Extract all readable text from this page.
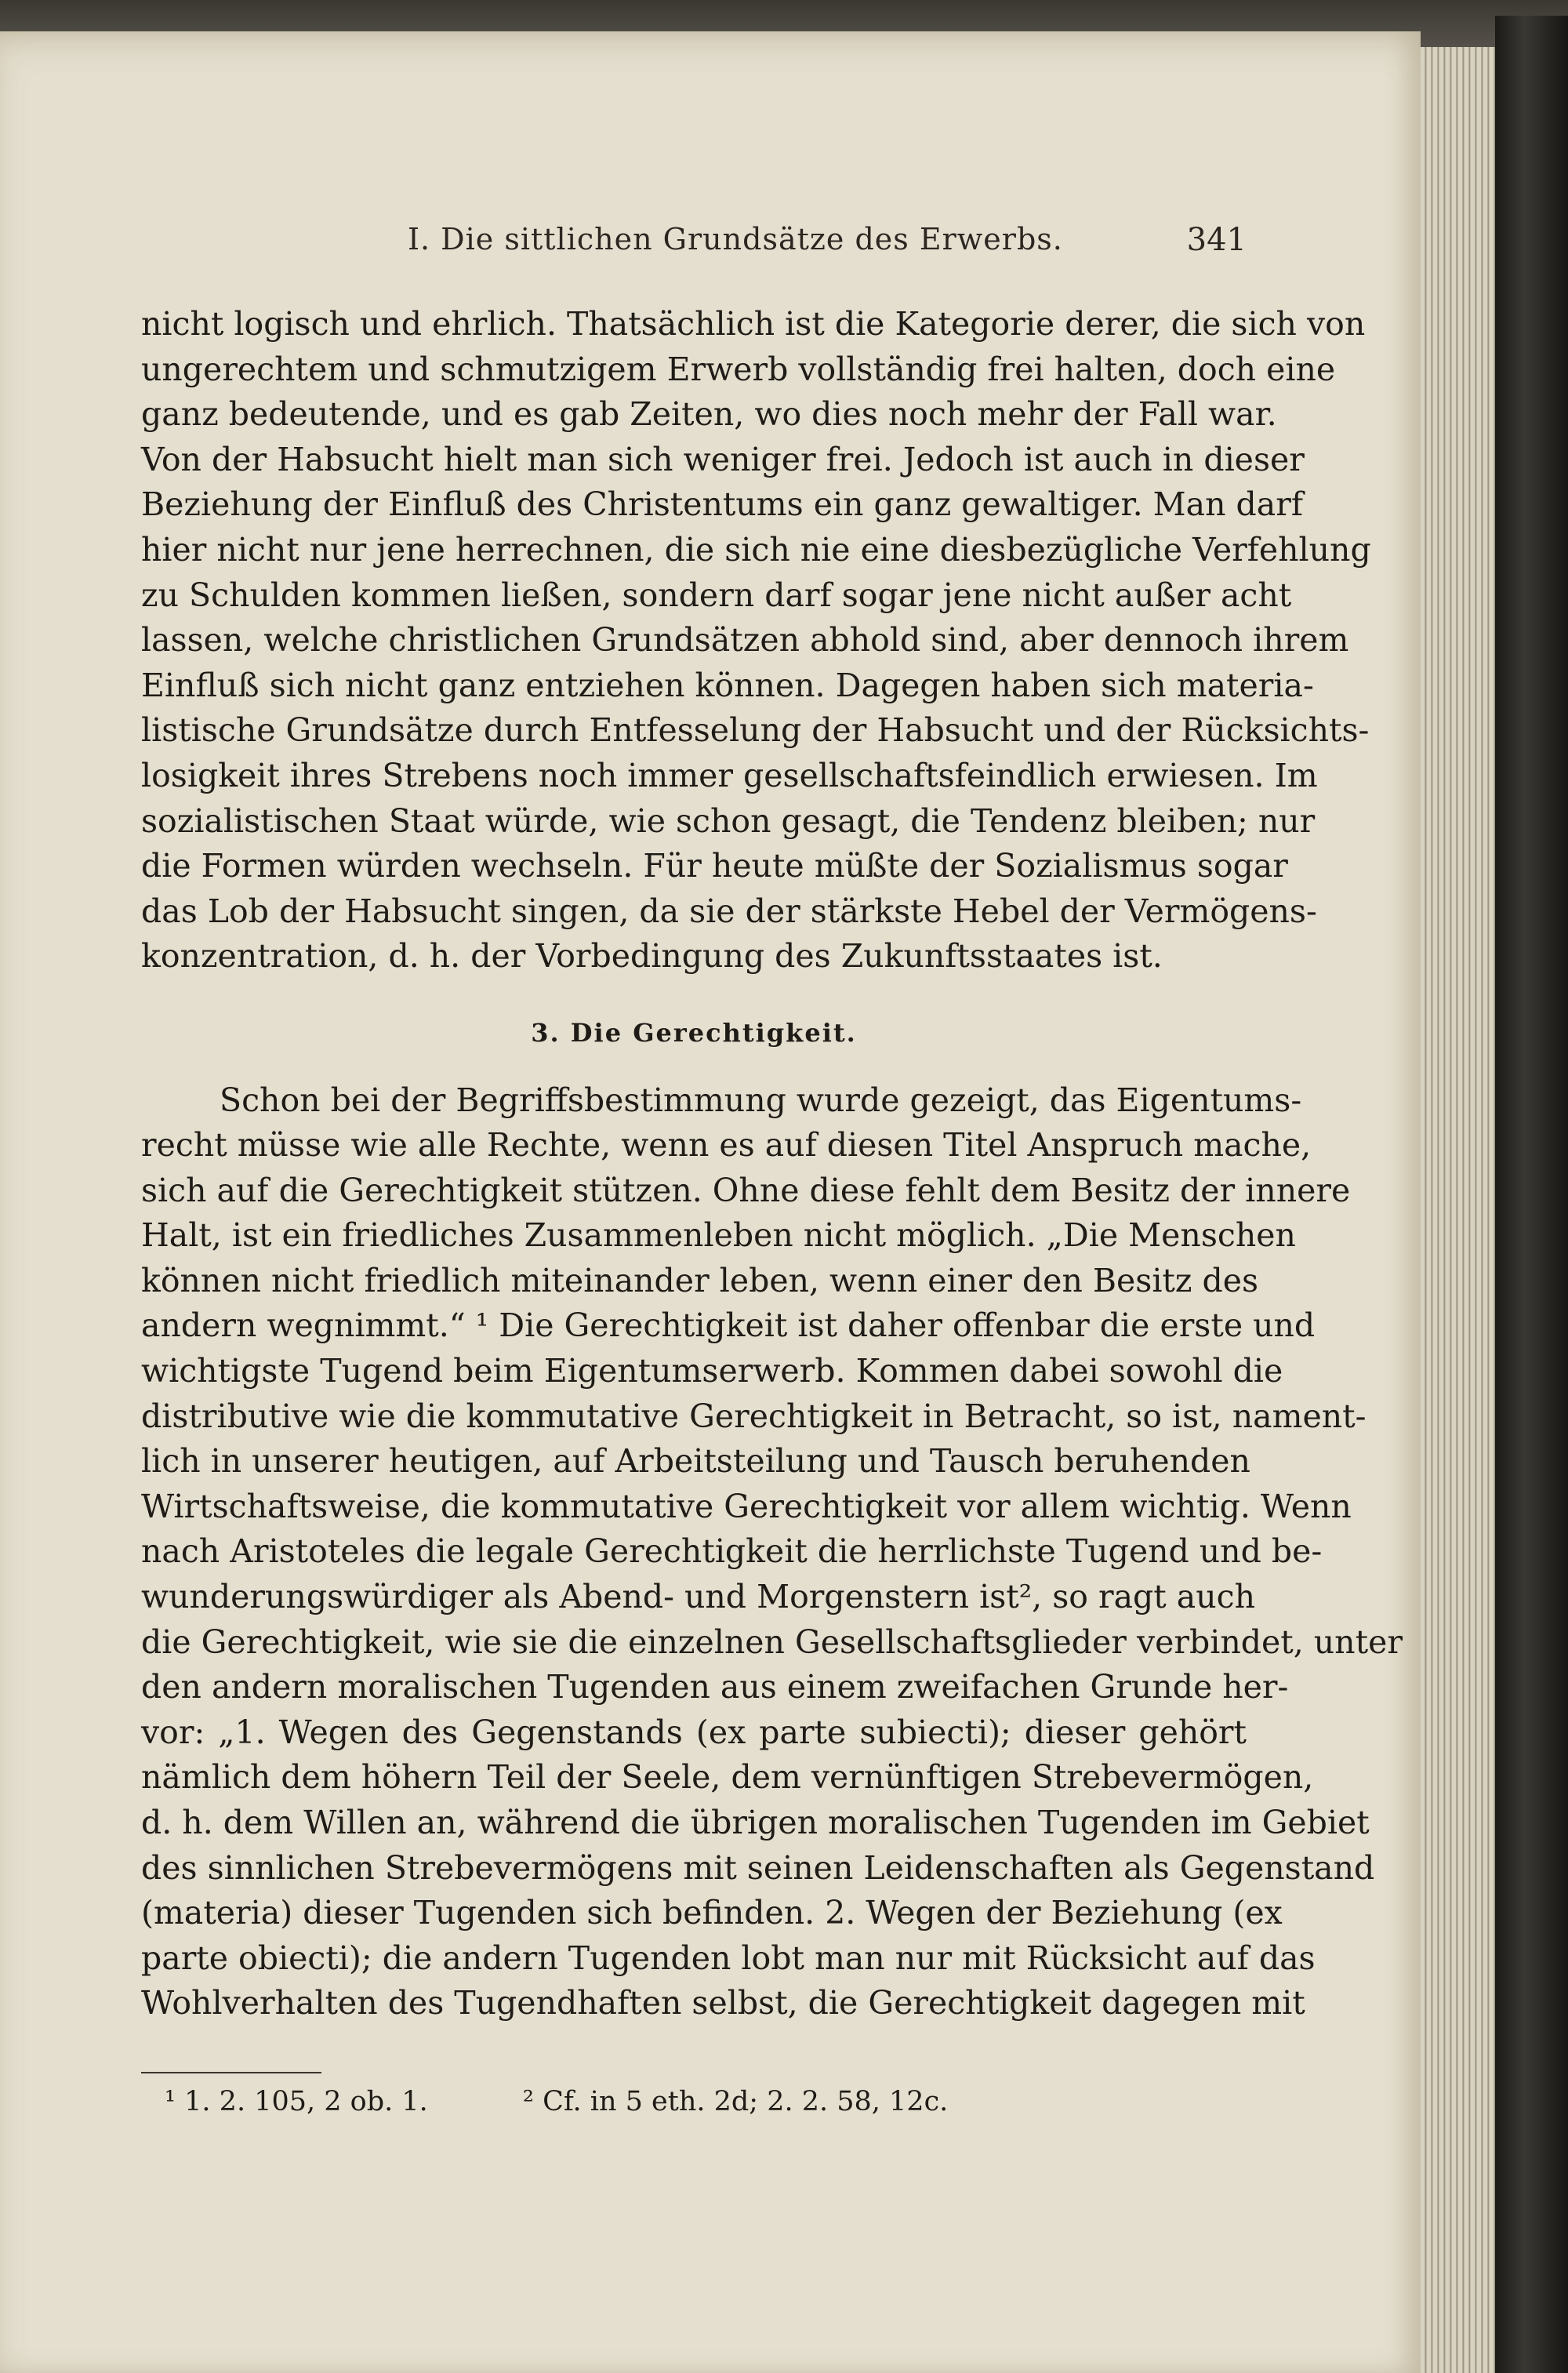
I. Die sittlichen Grundsätze des Erwerbs.	341
nicht logisch und ehrlich. Thatsächlich ist die Kategorie derer, die sich von
ungerechtem und schmutzigem Erwerb vollständig frei halten, doch eine
ganz bedeutende, und es gab Zeiten, wo dies noch mehr der Fall war.
Von der Habsucht hielt man sich weniger frei. Jedoch ist auch in dieser
Beziehung der Einfluß des Christentums ein ganz gewaltiger. Man darf
hier nicht nur jene herrechnen, die sich nie eine diesbezügliche Verfehlung
zu Schulden kommen ließen, sondern darf sogar jene nicht außer acht
lassen, welche christlichen Grundsätzen abhold sind, aber dennoch ihrem
Einfluß sich nicht ganz entziehen können. Dagegen haben sich materia-
listische Grundsätze durch Entfesselung der Habsucht und der Rücksichts-
losigkeit ihres Strebens noch immer gesellschaftsfeindlich erwiesen. Im
sozialistischen Staat würde, wie schon gesagt, die Tendenz bleiben; nur
die Formen würden wechseln. Für heute müßte der Sozialismus sogar
das Lob der Habsucht singen, da sie der stärkste Hebel der Vermögens-
konzentration, d. h. der Vorbedingung des Zukunftsstaates ist.
3. Die Gerechtigkeit.
Schon bei der Begriffsbestimmung wurde gezeigt, das Eigentums-
recht müsse wie alle Rechte, wenn es auf diesen Titel Anspruch mache,
sich auf die Gerechtigkeit stützen. Ohne diese fehlt dem Besitz der innere
Halt, ist ein friedliches Zusammenleben nicht möglich. „Die Menschen
können nicht friedlich miteinander leben, wenn einer den Besitz des
andern wegnimmt.“ ¹ Die Gerechtigkeit ist daher offenbar die erste und
wichtigste Tugend beim Eigentumserwerb. Kommen dabei sowohl die
distributive wie die kommutative Gerechtigkeit in Betracht, so ist, nament-
lich in unserer heutigen, auf Arbeitsteilung und Tausch beruhenden
Wirtschaftsweise, die kommutative Gerechtigkeit vor allem wichtig. Wenn
nach Aristoteles die legale Gerechtigkeit die herrlichste Tugend und be-
wunderungswürdiger als Abend- und Morgenstern ist², so ragt auch
die Gerechtigkeit, wie sie die einzelnen Gesellschaftsglieder verbindet, unter
den andern moralischen Tugenden aus einem zweifachen Grunde her-
vor: „1. Wegen des Gegenstands (ex parte subiecti); dieser gehört
nämlich dem höhern Teil der Seele, dem vernünftigen Strebevermögen,
d. h. dem Willen an, während die übrigen moralischen Tugenden im Gebiet
des sinnlichen Strebevermögens mit seinen Leidenschaften als Gegenstand
(materia) dieser Tugenden sich befinden. 2. Wegen der Beziehung (ex
parte obiecti); die andern Tugenden lobt man nur mit Rücksicht auf das
Wohlverhalten des Tugendhaften selbst, die Gerechtigkeit dagegen mit
¹ 1. 2. 105, 2 ob. 1.	² Cf. in 5 eth. 2d; 2. 2. 58, 12c.
